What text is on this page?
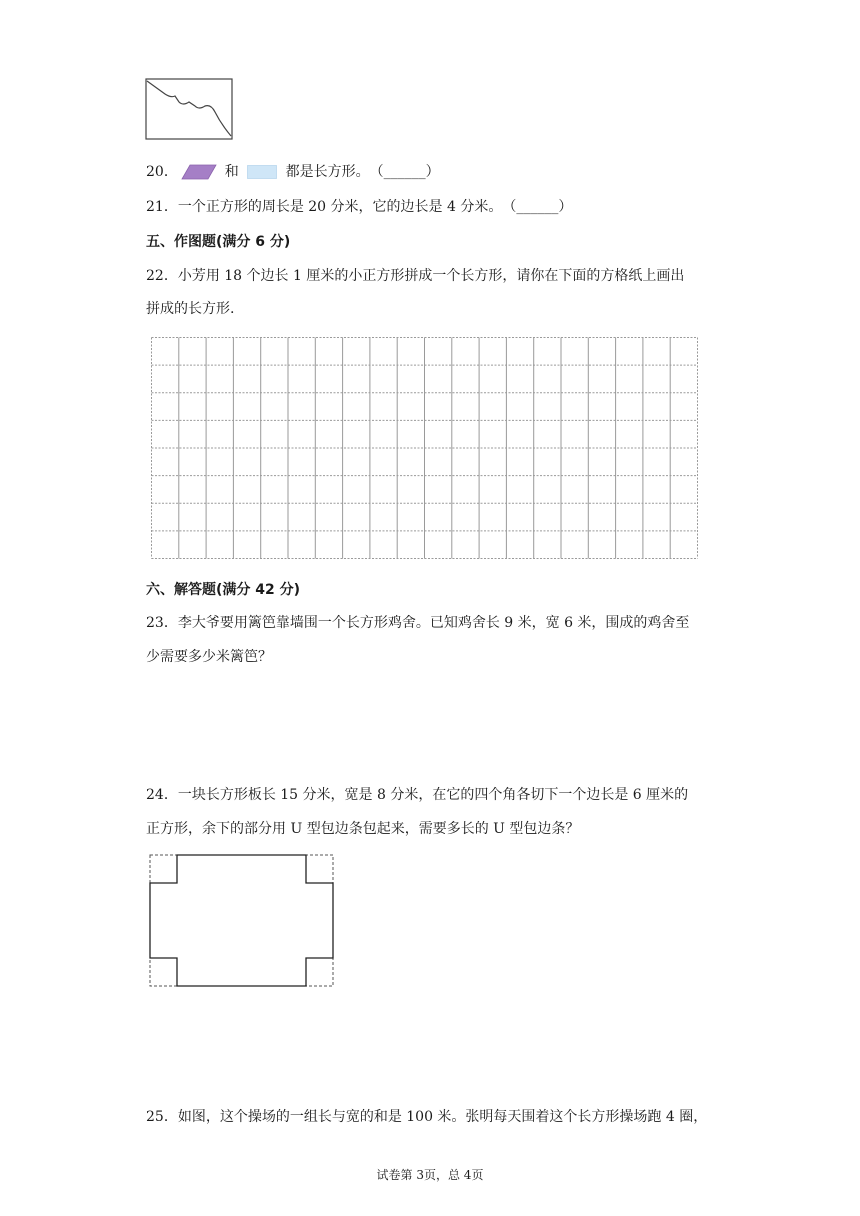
20．	和	都是长方形。（______）
21．一个正方形的周长是 20 分米，它的边长是 4 分米。（______）
五、作图题(满分 6 分)
22．小芳用 18 个边长 1 厘米的小正方形拼成一个长方形，请你在下面的方格纸上画出
拼成的长方形.
六、解答题(满分 42 分)
23．李大爷要用篱笆靠墙围一个长方形鸡舍。已知鸡舍长 9 米，宽 6 米，围成的鸡舍至
少需要多少米篱笆？
24．一块长方形板长 15 分米，宽是 8 分米，在它的四个角各切下一个边长是 6 厘米的
正方形，余下的部分用 U 型包边条包起来，需要多长的 U 型包边条？
25．如图，这个操场的一组长与宽的和是 100 米。张明每天围着这个长方形操场跑 4 圈，
试卷第 3页，总 4页
